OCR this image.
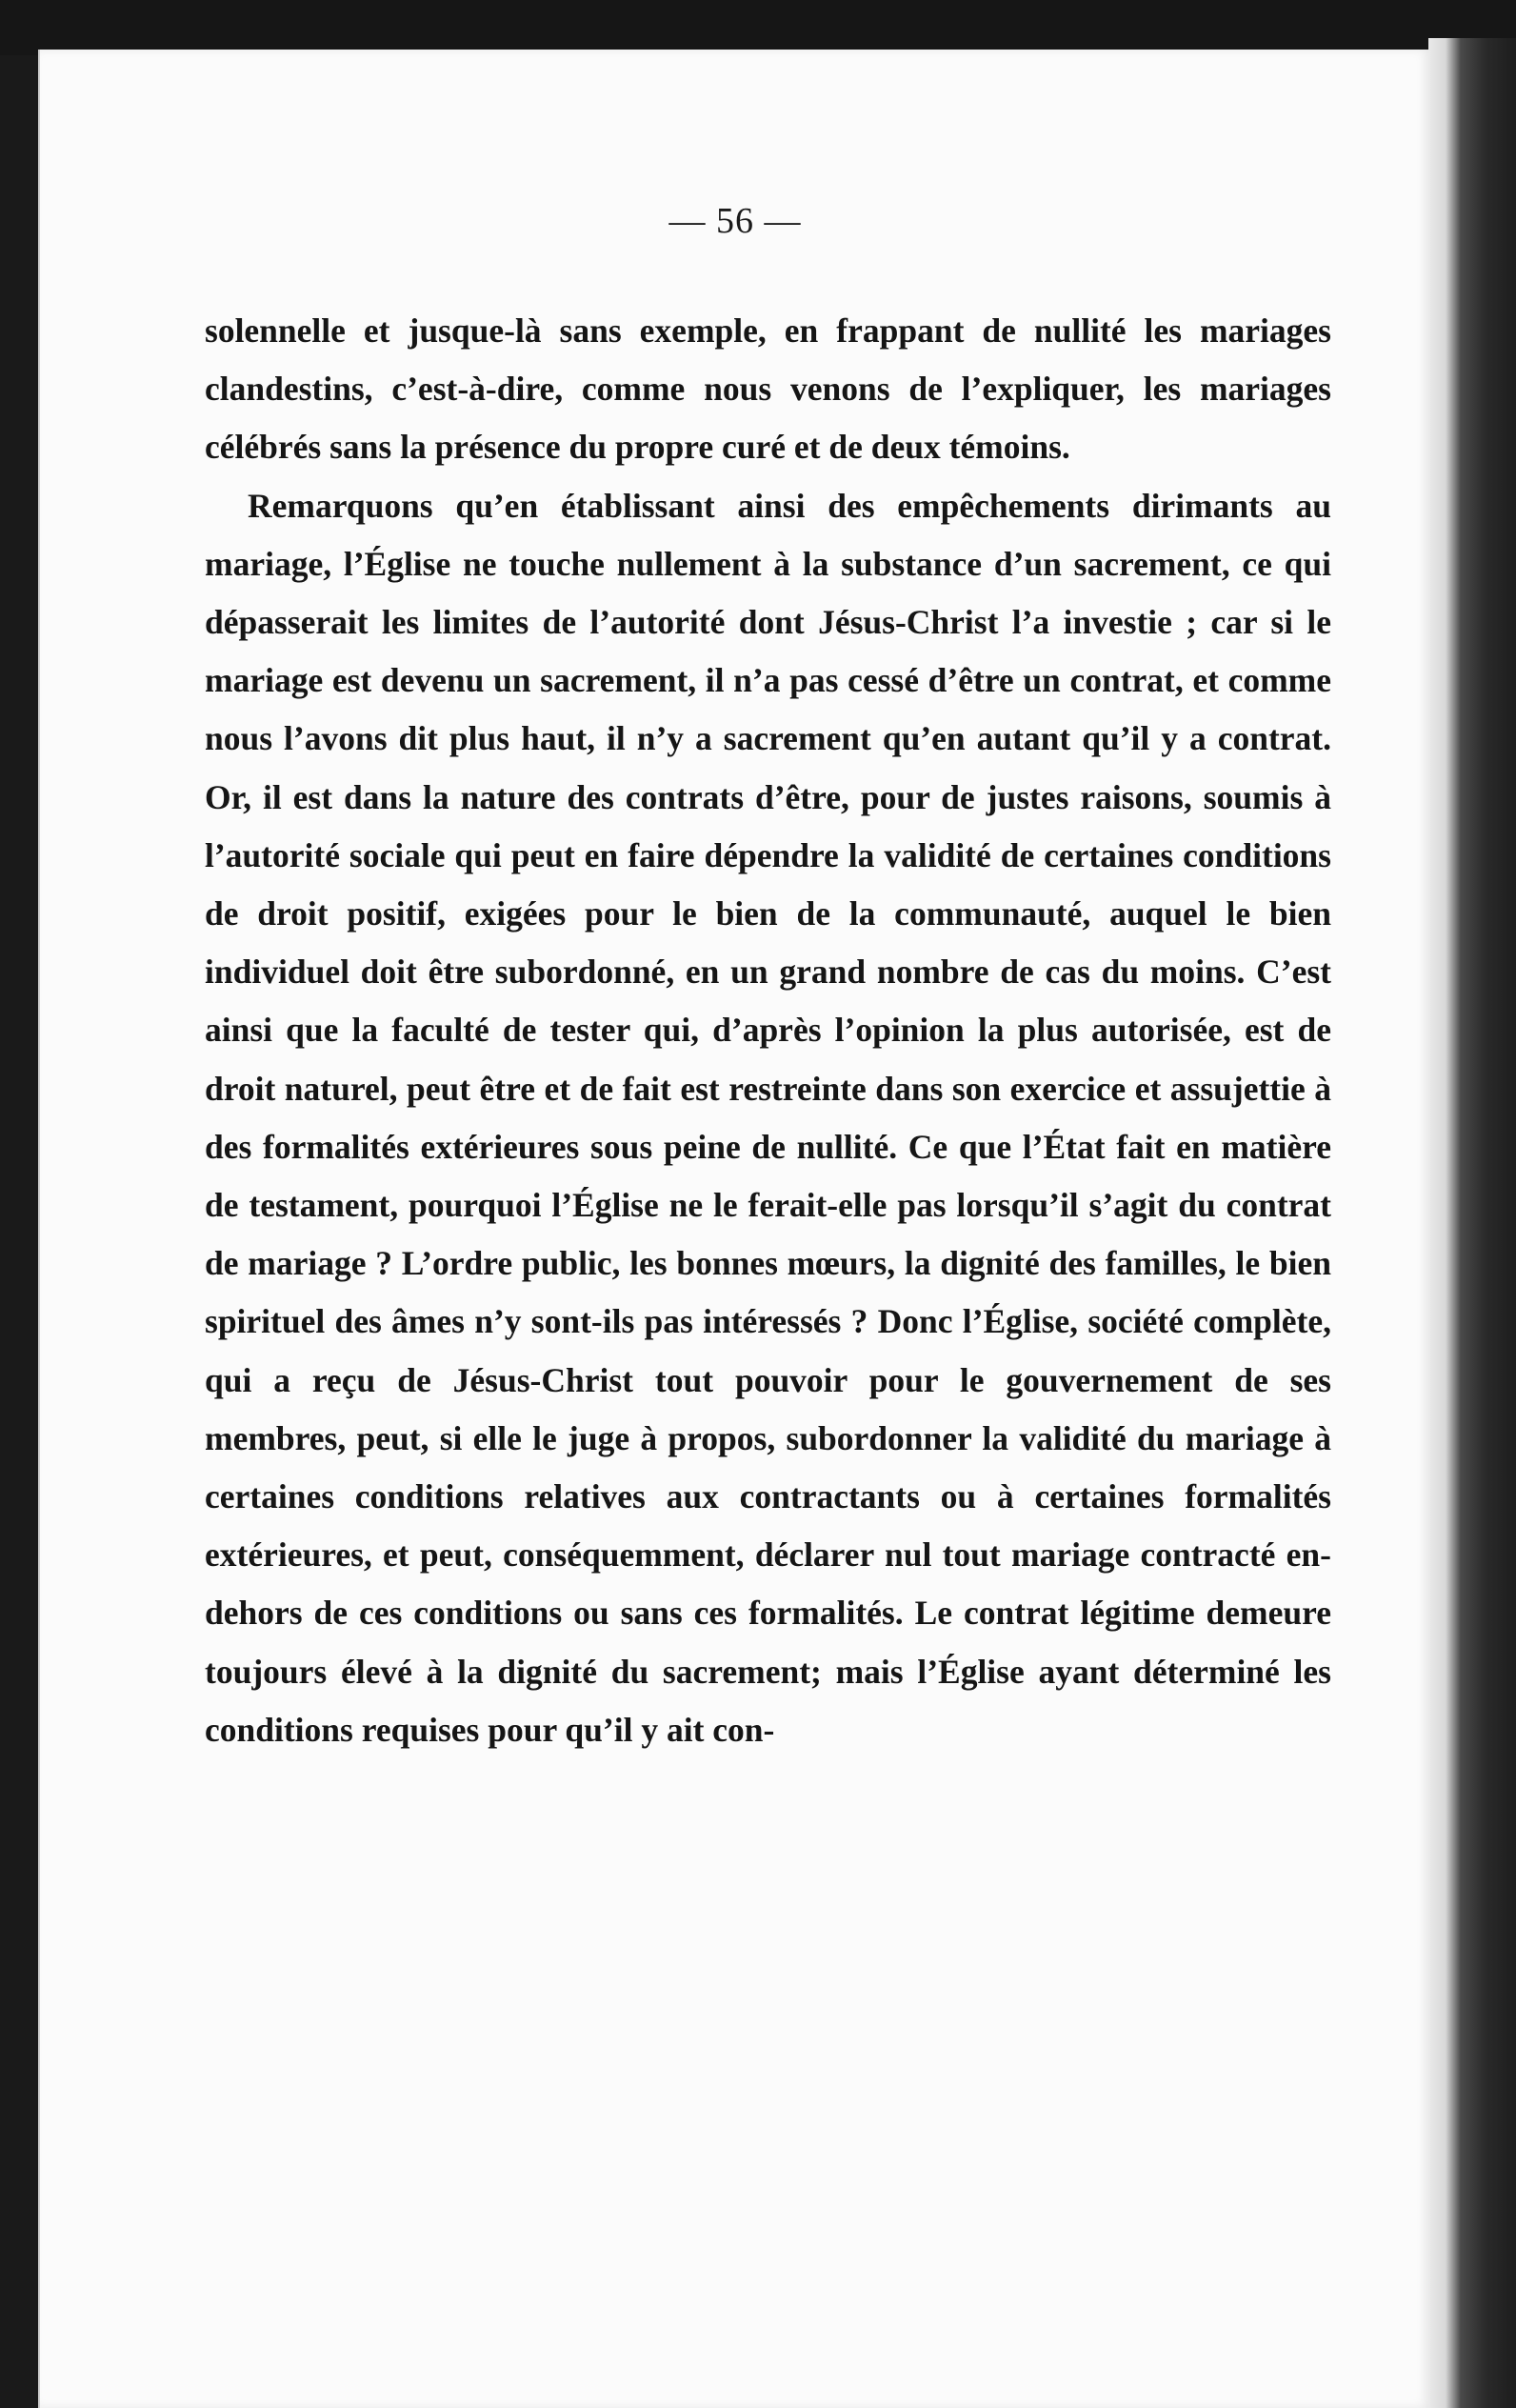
— 56 —

solennelle et jusque-là sans exemple, en frappant de nullité les mariages clandestins, c’est-à-dire, comme nous venons de l’expliquer, les mariages célébrés sans la présence du propre curé et de deux témoins.

Remarquons qu’en établissant ainsi des empêchements dirimants au mariage, l’Église ne touche nullement à la substance d’un sacrement, ce qui dépasserait les limites de l’autorité dont Jésus-Christ l’a investie ; car si le mariage est devenu un sacrement, il n’a pas cessé d’être un contrat, et comme nous l’avons dit plus haut, il n’y a sacrement qu’en autant qu’il y a contrat. Or, il est dans la nature des contrats d’être, pour de justes raisons, soumis à l’autorité sociale qui peut en faire dépendre la validité de certaines conditions de droit positif, exigées pour le bien de la communauté, auquel le bien individuel doit être subordonné, en un grand nombre de cas du moins. C’est ainsi que la faculté de tester qui, d’après l’opinion la plus autorisée, est de droit naturel, peut être et de fait est restreinte dans son exercice et assujettie à des formalités extérieures sous peine de nullité. Ce que l’État fait en matière de testament, pourquoi l’Église ne le ferait-elle pas lorsqu’il s’agit du contrat de mariage ? L’ordre public, les bonnes mœurs, la dignité des familles, le bien spirituel des âmes n’y sont-ils pas intéressés ? Donc l’Église, société complète, qui a reçu de Jésus-Christ tout pouvoir pour le gouvernement de ses membres, peut, si elle le juge à propos, subordonner la validité du mariage à certaines conditions relatives aux contractants ou à certaines formalités extérieures, et peut, conséquemment, déclarer nul tout mariage contracté en-dehors de ces conditions ou sans ces formalités. Le contrat légitime demeure toujours élevé à la dignité du sacrement; mais l’Église ayant déterminé les conditions requises pour qu’il y ait con-
